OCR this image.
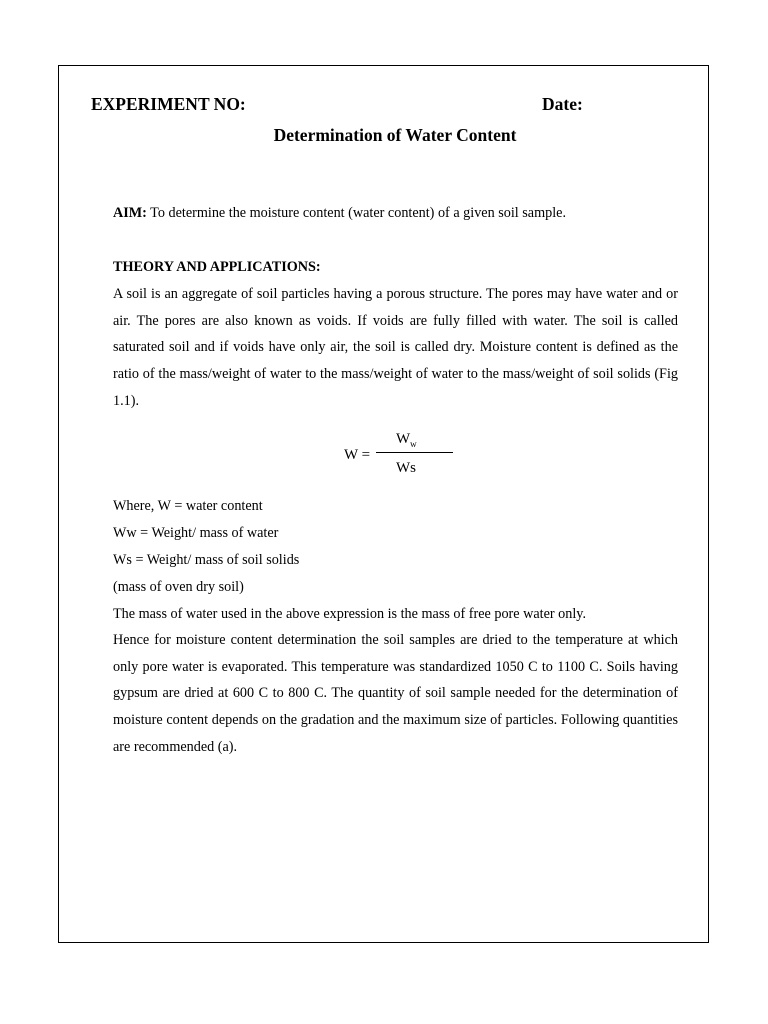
EXPERIMENT NO:	Date:
Determination of Water Content
AIM: To determine the moisture content (water content) of a given soil sample.
THEORY AND APPLICATIONS:
A soil is an aggregate of soil particles having a porous structure. The pores may have water and or air. The pores are also known as voids. If voids are fully filled with water. The soil is called saturated soil and if voids have only air, the soil is called dry. Moisture content is defined as the ratio of the mass/weight of water to the mass/weight of water to the mass/weight of soil solids (Fig 1.1).
W =
$W_w$
Ws
Where, W = water content
Ww = Weight/ mass of water
Ws = Weight/ mass of soil solids
(mass of oven dry soil)
The mass of water used in the above expression is the mass of free pore water only.
Hence for moisture content determination the soil samples are dried to the temperature at which only pore water is evaporated. This temperature was standardized 1050 C to 1100 C. Soils having gypsum are dried at 600 C to 800 C. The quantity of soil sample needed for the determination of moisture content depends on the gradation and the maximum size of particles. Following quantities are recommended (a).
